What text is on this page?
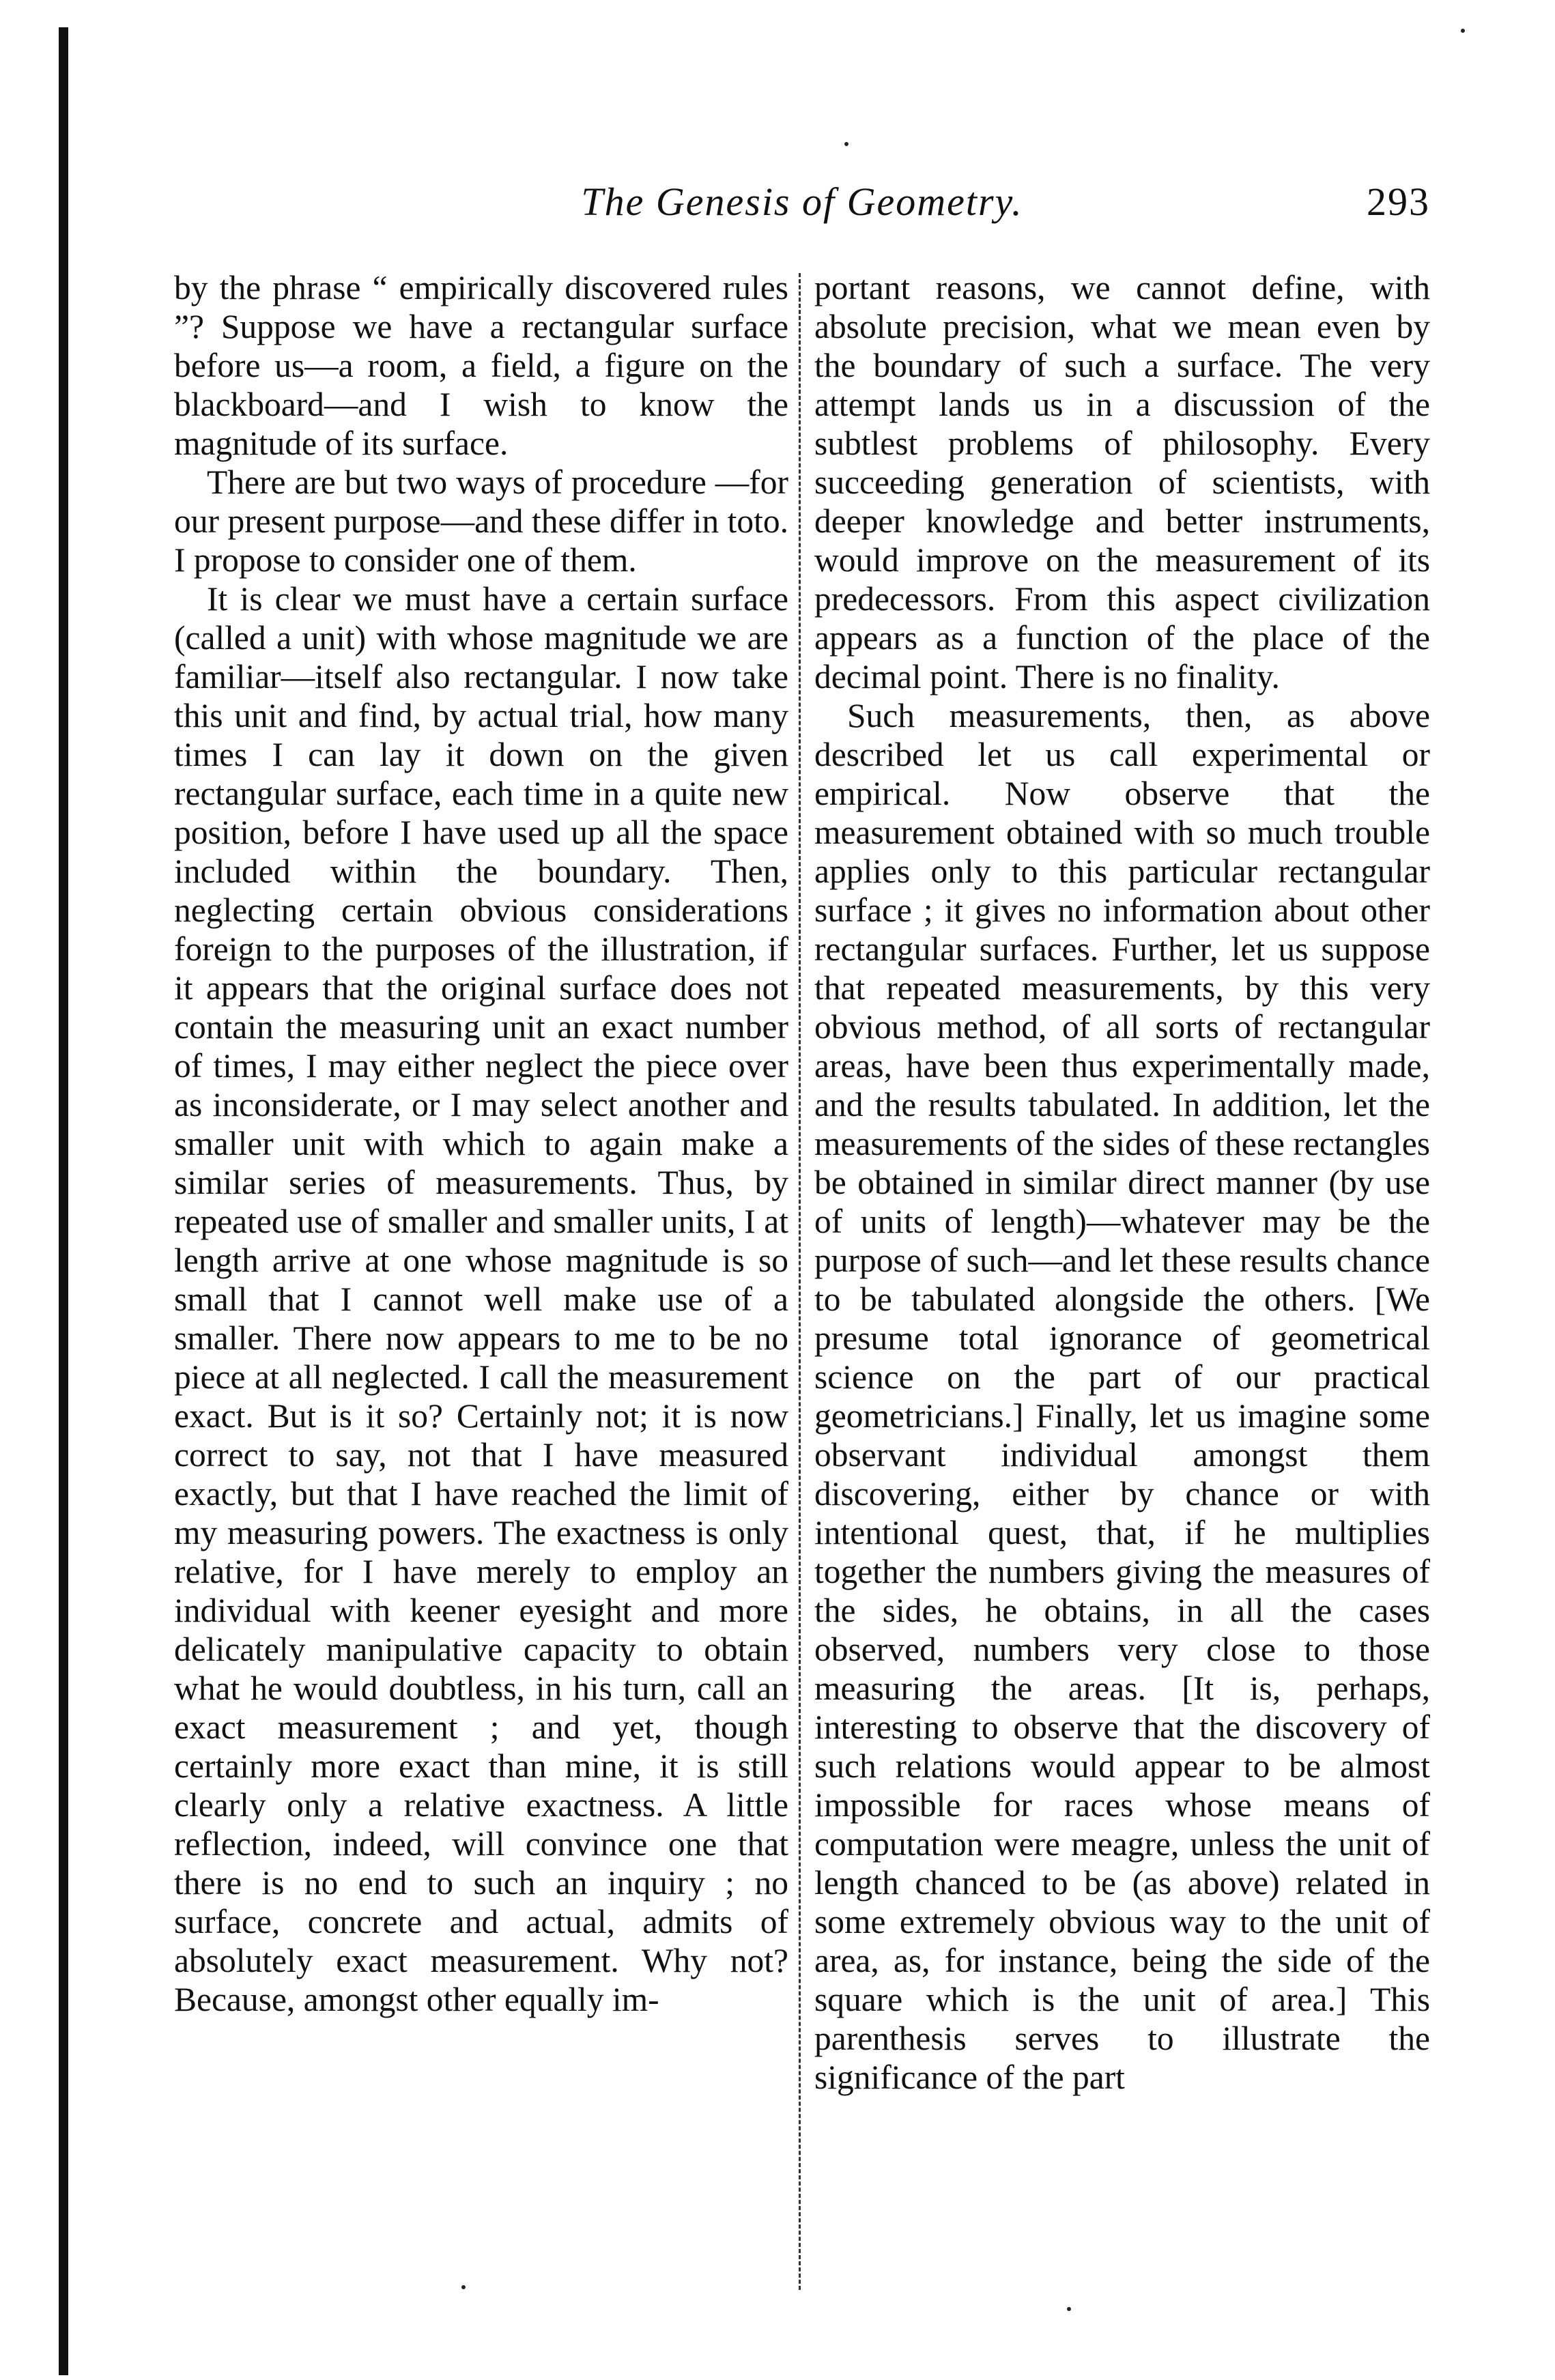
The Genesis of Geometry.	293

by the phrase “ empirically discovered rules ”? Suppose we have a rectangular surface before us—a room, a field, a figure on the blackboard—and I wish to know the magnitude of its surface.

There are but two ways of procedure —for our present purpose—and these differ in toto. I propose to consider one of them.

It is clear we must have a certain surface (called a unit) with whose magnitude we are familiar—itself also rectangular. I now take this unit and find, by actual trial, how many times I can lay it down on the given rectangular surface, each time in a quite new position, before I have used up all the space included within the boundary. Then, neglecting certain obvious considerations foreign to the purposes of the illustration, if it appears that the original surface does not contain the measuring unit an exact number of times, I may either neglect the piece over as inconsiderate, or I may select another and smaller unit with which to again make a similar series of measurements. Thus, by repeated use of smaller and smaller units, I at length arrive at one whose magnitude is so small that I cannot well make use of a smaller. There now appears to me to be no piece at all neglected. I call the measurement exact. But is it so? Certainly not; it is now correct to say, not that I have measured exactly, but that I have reached the limit of my measuring powers. The exactness is only relative, for I have merely to employ an individual with keener eyesight and more delicately manipulative capacity to obtain what he would doubtless, in his turn, call an exact measurement ; and yet, though certainly more exact than mine, it is still clearly only a relative exactness. A little reflection, indeed, will convince one that there is no end to such an inquiry ; no surface, concrete and actual, admits of absolutely exact measurement. Why not? Because, amongst other equally im-

portant reasons, we cannot define, with absolute precision, what we mean even by the boundary of such a surface. The very attempt lands us in a discussion of the subtlest problems of philosophy. Every succeeding generation of scientists, with deeper knowledge and better instruments, would improve on the measurement of its predecessors. From this aspect civilization appears as a function of the place of the decimal point. There is no finality.

Such measurements, then, as above described let us call experimental or empirical. Now observe that the measurement obtained with so much trouble applies only to this particular rectangular surface ; it gives no information about other rectangular surfaces. Further, let us suppose that repeated measurements, by this very obvious method, of all sorts of rectangular areas, have been thus experimentally made, and the results tabulated. In addition, let the measurements of the sides of these rectangles be obtained in similar direct manner (by use of units of length)—whatever may be the purpose of such—and let these results chance to be tabulated alongside the others. [We presume total ignorance of geometrical science on the part of our practical geometricians.] Finally, let us imagine some observant individual amongst them discovering, either by chance or with intentional quest, that, if he multiplies together the numbers giving the measures of the sides, he obtains, in all the cases observed, numbers very close to those measuring the areas. [It is, perhaps, interesting to observe that the discovery of such relations would appear to be almost impossible for races whose means of computation were meagre, unless the unit of length chanced to be (as above) related in some extremely obvious way to the unit of area, as, for instance, being the side of the square which is the unit of area.] This parenthesis serves to illustrate the significance of the part
